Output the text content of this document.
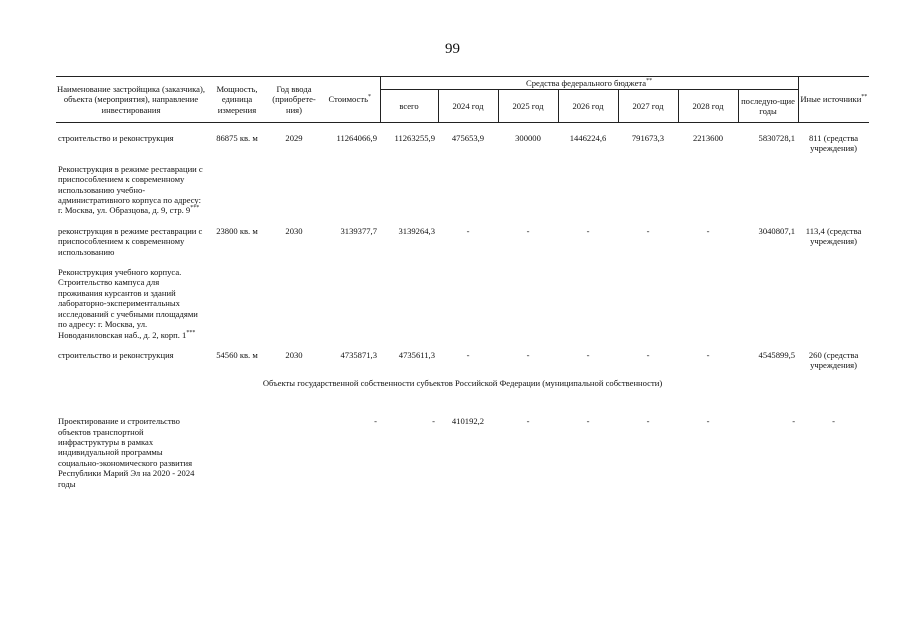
99
Наименование застройщика (заказчика), объекта (мероприятия), направление инвестирования	Мощность, единица измерения	Год ввода (приобрете-ния)	Стоимость*	Средства федерального бюджета**							Иные источники**
				всего	2024 год	2025 год	2026 год	2027 год	2028 год	последую-щие годы	
строительство и реконструкция	86875 кв. м	2029	11264066,9	11263255,9	475653,9	300000	1446224,6	791673,3	2213600	5830728,1	811 (средства учреждения)
Реконструкция в режиме реставрации с приспособлением к современному использованию учебно-административного корпуса по адресу: г. Москва, ул. Образцова, д. 9, стр. 9***											
реконструкция в режиме реставрации с приспособлением к современному использованию	23800 кв. м	2030	3139377,7	3139264,3	-	-	-	-	-	3040807,1	113,4 (средства учреждения)
Реконструкция учебного корпуса. Строительство кампуса для проживания курсантов и зданий лабораторно-экспериментальных исследований с учебными площадями по адресу: г. Москва, ул. Новоданиловская наб., д. 2, корп. 1***											
строительство и реконструкция	54560 кв. м	2030	4735871,3	4735611,3	-	-	-	-	-	4545899,5	260 (средства учреждения)
Объекты государственной собственности субъектов Российской Федерации (муниципальной собственности)											
Проектирование и строительство объектов транспортной инфраструктуры в рамках индивидуальной программы социально-экономического развития Республики Марий Эл на 2020 - 2024 годы			-	-	410192,2	-	-	-	-	-	-
